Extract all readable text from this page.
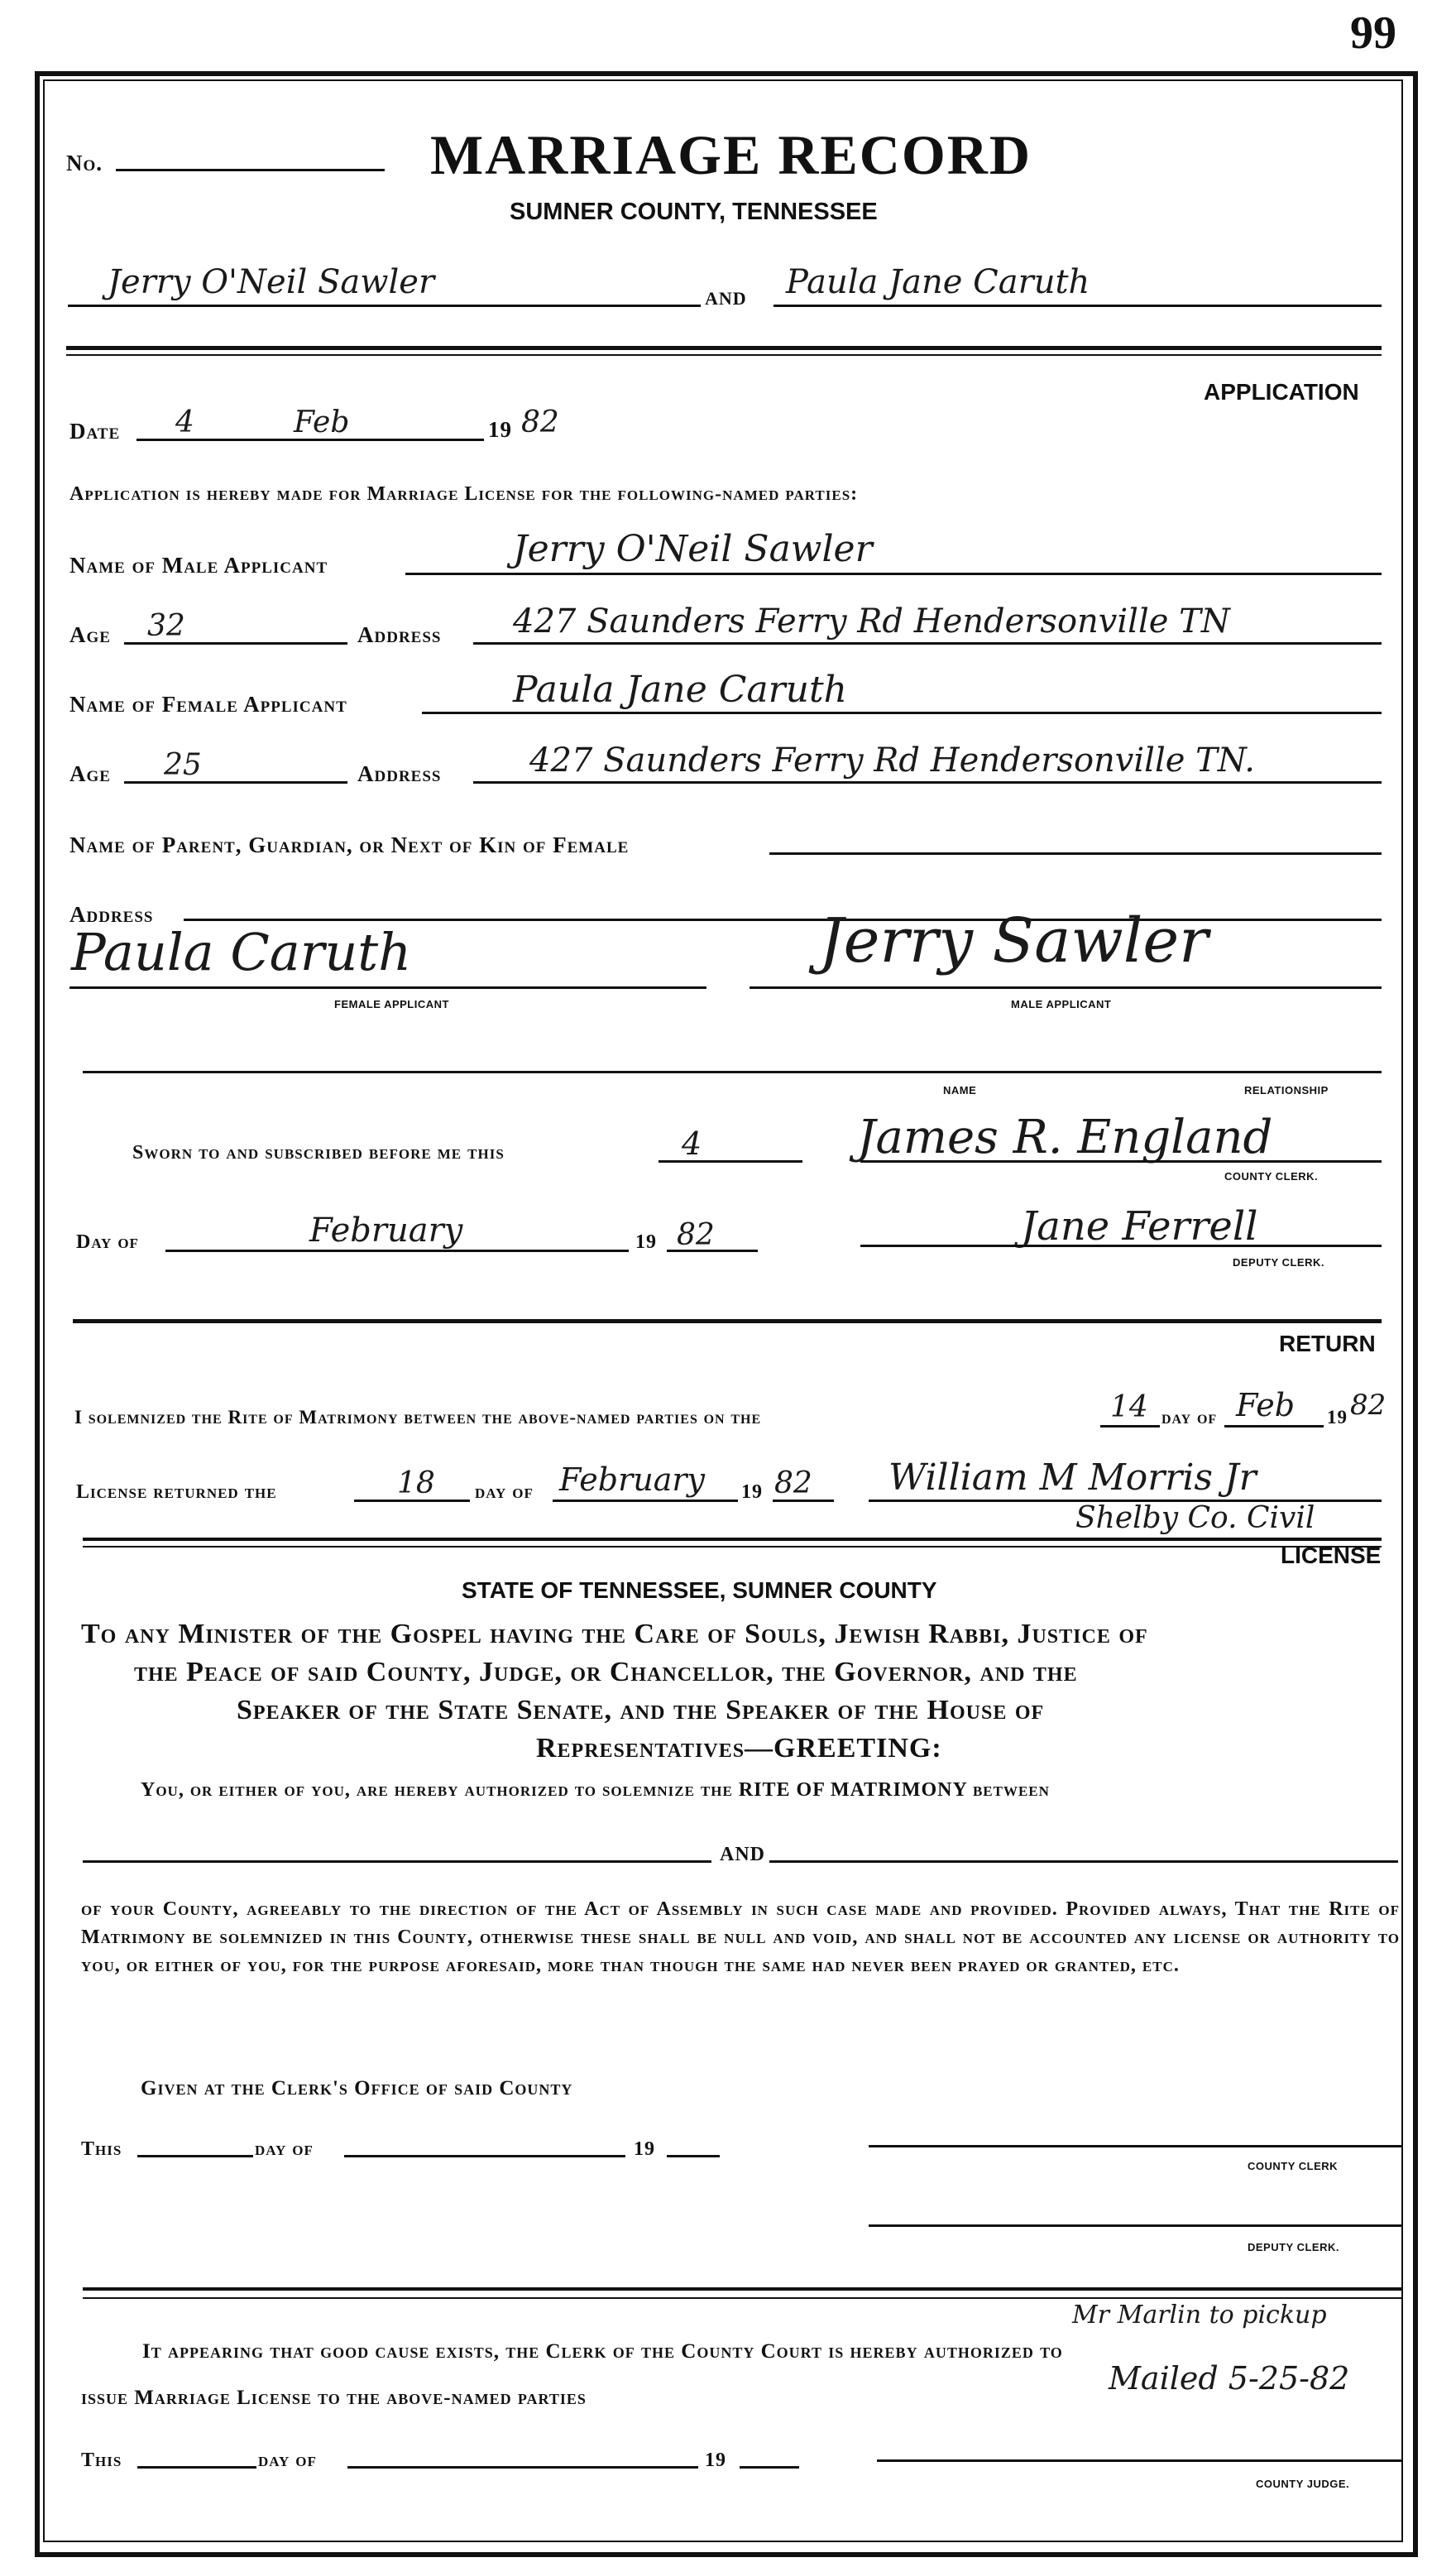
99
No.	MARRIAGE RECORD
SUMNER COUNTY, TENNESSEE
Jerry O'Neil Sawler	AND Paula Jane Caruth
APPLICATION
Date 4	Feb	19 82
Application is hereby made for Marriage License for the following-named parties:
Name of Male Applicant	Jerry O'Neil Sawler
Age 32	Address 427 Saunders Ferry Rd Hendersonville TN
Name of Female Applicant	Paula Jane Caruth
Age 25	Address	427 Saunders Ferry Rd Hendersonville TN.
Name of Parent, Guardian, or Next of Kin of Female
Address
Paula Caruth
FEMALE APPLICANT
Jerry Sawler
MALE APPLICANT
NAME	RELATIONSHIP
Sworn to and subscribed before me this	4	James R. England
COUNTY CLERK.
Day of	February	19 82	Jane Ferrell
DEPUTY CLERK.
RETURN
I solemnized the Rite of Matrimony between the above-named parties on the	14 day of Feb 19 82
License returned the	18 day of February 19 82 William M Morris Jr
Shelby Co. Civil
LICENSE
STATE OF TENNESSEE, SUMNER COUNTY
To any Minister of the Gospel having the Care of Souls, Jewish Rabbi, Justice of
the Peace of said County, Judge, or Chancellor, the Governor, and the
Speaker of the State Senate, and the Speaker of the House of
Representatives—GREETING:
You, or either of you, are hereby authorized to solemnize the RITE OF MATRIMONY between
AND
of your County, agreeably to the direction of the Act of Assembly in such case made and provided. Provided always, That the Rite of Matrimony be solemnized in this County, otherwise these shall be null and void, and shall not be accounted any license or authority to you, or either of you, for the purpose aforesaid, more than though the same had never been prayed or granted, etc.
Given at the Clerk's Office of said County
This	day of	19
COUNTY CLERK
DEPUTY CLERK.
Mr Marlin to pickup
It appearing that good cause exists, the Clerk of the County Court is hereby authorized to
issue Marriage License to the above-named parties
Mailed 5-25-82
This	day of	19
COUNTY JUDGE.
